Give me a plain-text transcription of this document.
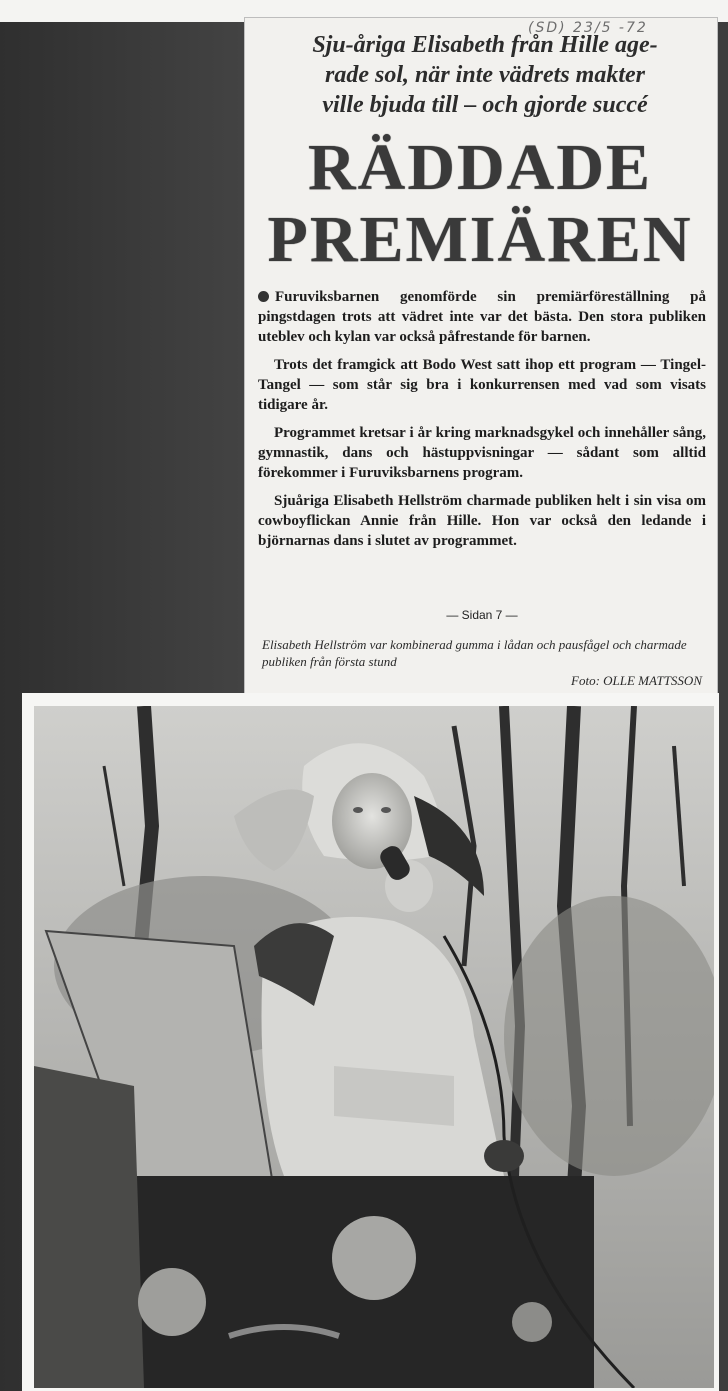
(SD) 23/5 -72
Sju-åriga Elisabeth från Hille age-
rade sol, när inte vädrets makter
ville bjuda till – och gjorde succé
RÄDDADE
PREMIÄREN

Furuviksbarnen genomförde sin premiärföreställning på pingstdagen trots att vädret inte var det bästa. Den stora publiken uteblev och kylan var också påfrestande för barnen.

Trots det framgick att Bodo West satt ihop ett program — Tingel-Tangel — som står sig bra i konkurrensen med vad som visats tidigare år.

Programmet kretsar i år kring marknadsgykel och innehåller sång, gymnastik, dans och hästuppvisningar — sådant som alltid förekommer i Furuviksbarnens program.

Sjuåriga Elisabeth Hellström charmade publiken helt i sin visa om cowboyflickan Annie från Hille. Hon var också den ledande i björnarnas dans i slutet av programmet.

— Sidan 7 —
Elisabeth Hellström var kombinerad gumma i lådan och pausfågel och charmade publiken från första stund
Foto: OLLE MATTSSON
